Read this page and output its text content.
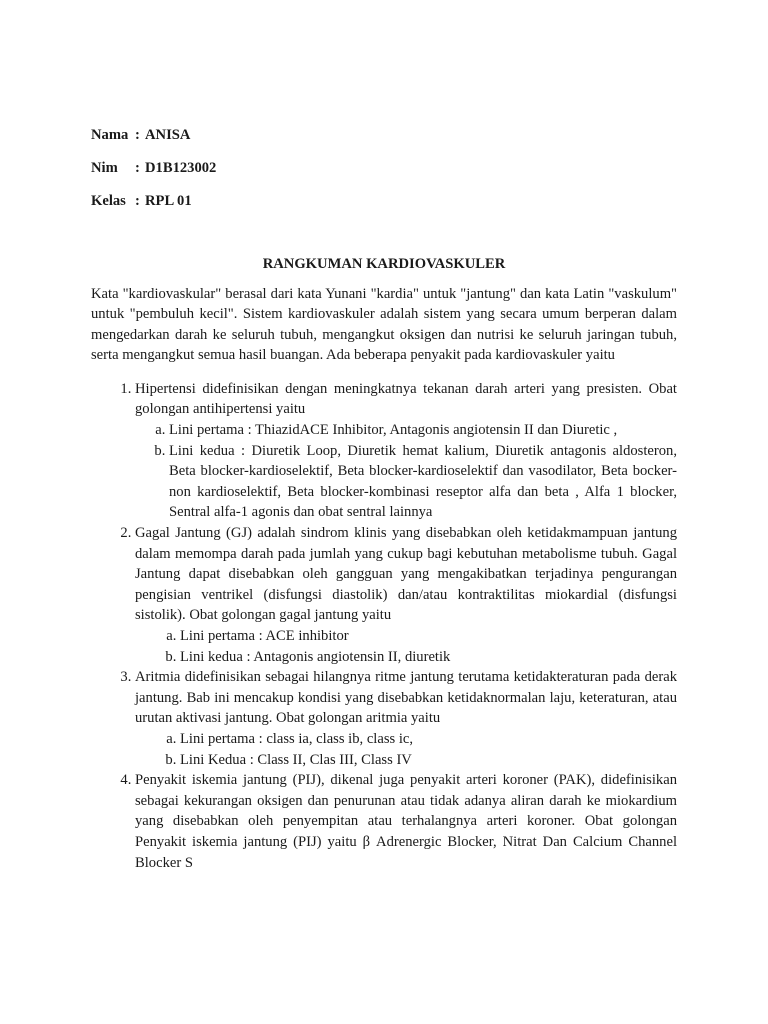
Nama : ANISA
Nim	: D1B123002
Kelas : RPL 01
RANGKUMAN KARDIOVASKULER
Kata "kardiovaskular" berasal dari kata Yunani "kardia" untuk "jantung" dan kata Latin "vaskulum" untuk "pembuluh kecil". Sistem kardiovaskuler adalah sistem yang secara umum berperan dalam mengedarkan darah ke seluruh tubuh, mengangkut oksigen dan nutrisi ke seluruh jaringan tubuh, serta mengangkut semua hasil buangan. Ada beberapa penyakit pada kardiovaskuler yaitu
1. Hipertensi didefinisikan dengan meningkatnya tekanan darah arteri yang presisten. Obat golongan antihipertensi yaitu
a. Lini pertama : ThiazidACE Inhibitor, Antagonis angiotensin II dan Diuretic ,
b. Lini kedua : Diuretik Loop, Diuretik hemat kalium, Diuretik antagonis aldosteron, Beta blocker-kardioselektif, Beta blocker-kardioselektif dan vasodilator, Beta bocker-non kardioselektif, Beta blocker-kombinasi reseptor alfa dan beta , Alfa 1 blocker, Sentral alfa-1 agonis dan obat sentral lainnya
2. Gagal Jantung (GJ) adalah sindrom klinis yang disebabkan oleh ketidakmampuan jantung dalam memompa darah pada jumlah yang cukup bagi kebutuhan metabolisme tubuh. Gagal Jantung dapat disebabkan oleh gangguan yang mengakibatkan terjadinya pengurangan pengisian ventrikel (disfungsi diastolik) dan/atau kontraktilitas miokardial (disfungsi sistolik). Obat golongan gagal jantung yaitu
a. Lini pertama : ACE inhibitor
b. Lini kedua : Antagonis angiotensin II, diuretik
3. Aritmia didefinisikan sebagai hilangnya ritme jantung terutama ketidakteraturan pada derak jantung. Bab ini mencakup kondisi yang disebabkan ketidaknormalan laju, keteraturan, atau urutan aktivasi jantung. Obat golongan aritmia yaitu
a. Lini pertama : class ia, class ib, class ic,
b. Lini Kedua : Class II, Clas III, Class IV
4. Penyakit iskemia jantung (PIJ), dikenal juga penyakit arteri koroner (PAK), didefinisikan sebagai kekurangan oksigen dan penurunan atau tidak adanya aliran darah ke miokardium yang disebabkan oleh penyempitan atau terhalangnya arteri koroner. Obat golongan Penyakit iskemia jantung (PIJ) yaitu β Adrenergic Blocker, Nitrat Dan Calcium Channel Blocker S
